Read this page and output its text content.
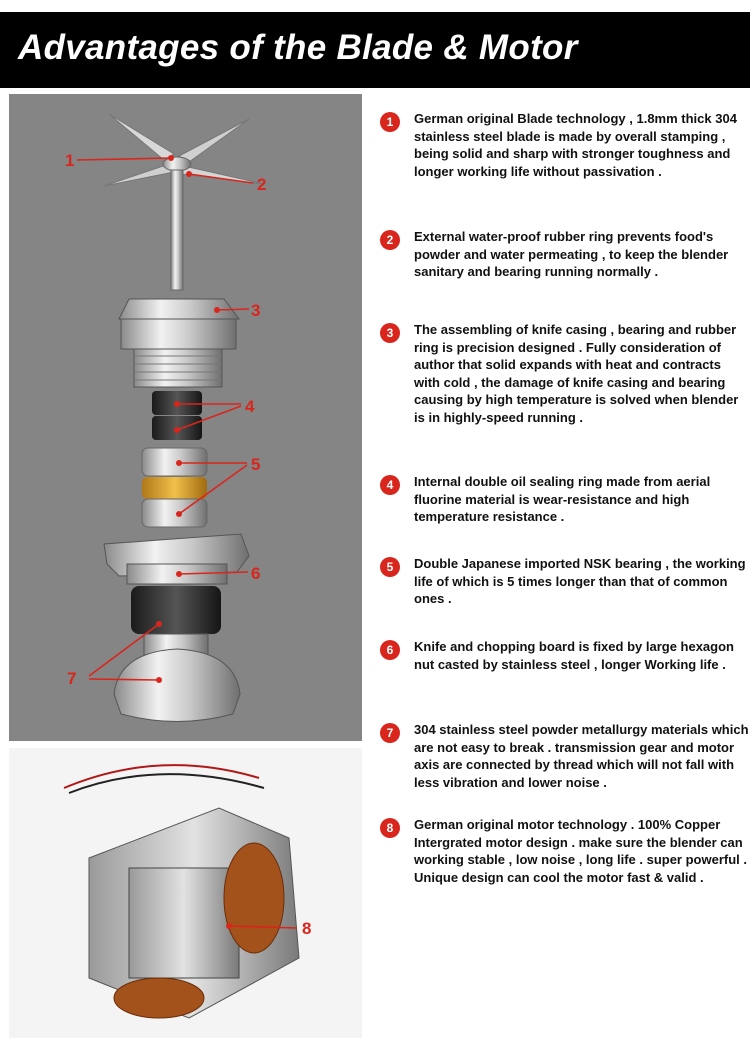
Advantages of the Blade & Motor
1
2
3
4
5
6
7
8
1	German original Blade technology , 1.8mm thick 304 stainless steel blade is made by overall stamping , being solid and sharp with stronger toughness and longer working life without passivation .
2	External water-proof rubber ring prevents food's powder and water permeating , to keep the blender sanitary and bearing running normally .
3	The assembling of knife casing , bearing and rubber ring is precision designed . Fully consideration of author that solid expands with heat and contracts with cold , the damage of knife casing and bearing causing by high temperature is solved when blender is in highly-speed running .
4	Internal double oil sealing ring made from aerial fluorine material is wear-resistance and high temperature resistance .
5	Double Japanese imported NSK bearing , the working life of which is 5 times longer than that of common ones .
6	Knife and chopping board is fixed by large hexagon nut casted by stainless steel , longer Working life .
7	304 stainless steel powder metallurgy materials which are not easy to break . transmission gear and motor axis are connected by thread which will not fall with less vibration and lower noise .
8	German original motor technology . 100% Copper Intergrated motor design . make sure the blender can working stable , low noise , long life . super powerful . Unique design can cool the motor fast & valid .
